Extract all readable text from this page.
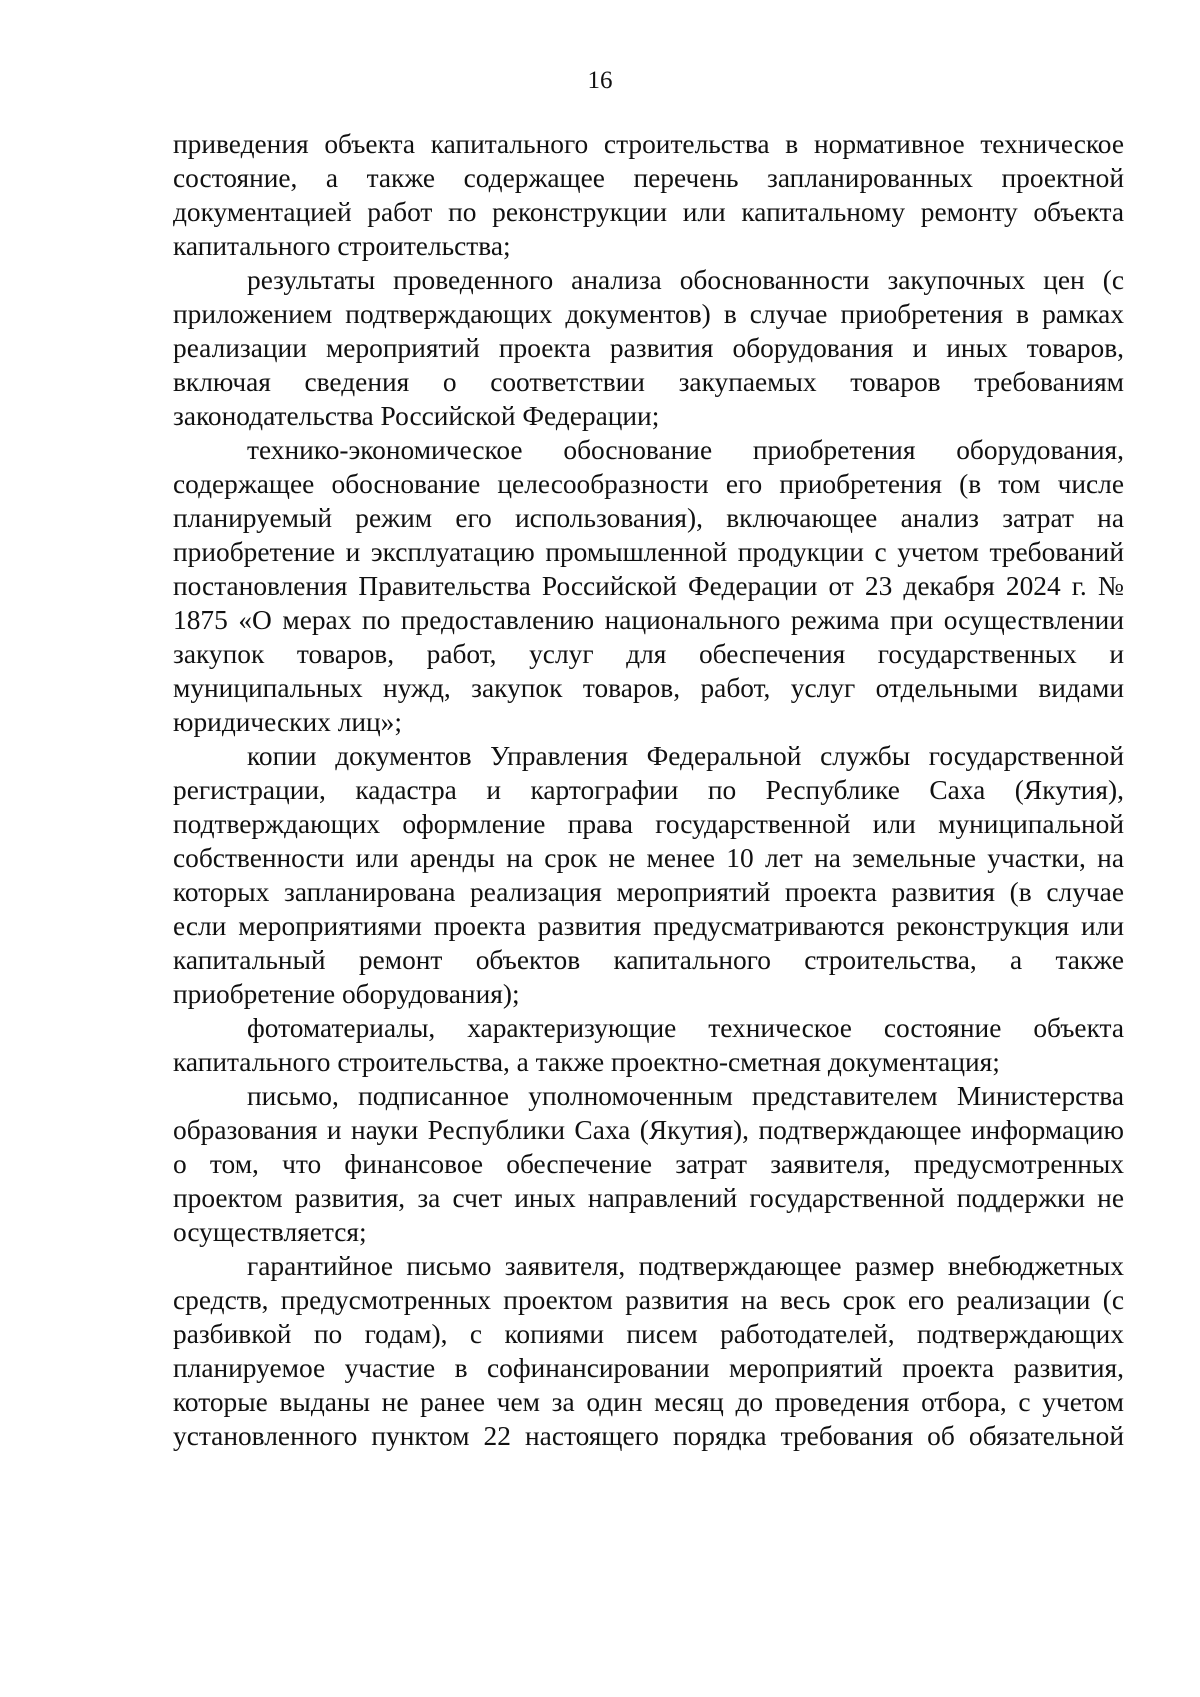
16

приведения объекта капитального строительства в нормативное техническое состояние, а также содержащее перечень запланированных проектной документацией работ по реконструкции или капитальному ремонту объекта капитального строительства;

результаты проведенного анализа обоснованности закупочных цен (с приложением подтверждающих документов) в случае приобретения в рамках реализации мероприятий проекта развития оборудования и иных товаров, включая сведения о соответствии закупаемых товаров требованиям законодательства Российской Федерации;

технико-экономическое обоснование приобретения оборудования, содержащее обоснование целесообразности его приобретения (в том числе планируемый режим его использования), включающее анализ затрат на приобретение и эксплуатацию промышленной продукции с учетом требований постановления Правительства Российской Федерации от 23 декабря 2024 г. № 1875 «О мерах по предоставлению национального режима при осуществлении закупок товаров, работ, услуг для обеспечения государственных и муниципальных нужд, закупок товаров, работ, услуг отдельными видами юридических лиц»;

копии документов Управления Федеральной службы государственной регистрации, кадастра и картографии по Республике Саха (Якутия), подтверждающих оформление права государственной или муниципальной собственности или аренды на срок не менее 10 лет на земельные участки, на которых запланирована реализация мероприятий проекта развития (в случае если мероприятиями проекта развития предусматриваются реконструкция или капитальный ремонт объектов капитального строительства, а также приобретение оборудования);

фотоматериалы, характеризующие техническое состояние объекта капитального строительства, а также проектно-сметная документация;

письмо, подписанное уполномоченным представителем Министерства образования и науки Республики Саха (Якутия), подтверждающее информацию о том, что финансовое обеспечение затрат заявителя, предусмотренных проектом развития, за счет иных направлений государственной поддержки не осуществляется;

гарантийное письмо заявителя, подтверждающее размер внебюджетных средств, предусмотренных проектом развития на весь срок его реализации (с разбивкой по годам), с копиями писем работодателей, подтверждающих планируемое участие в софинансировании мероприятий проекта развития, которые выданы не ранее чем за один месяц до проведения отбора, с учетом установленного пунктом 22 настоящего порядка требования об обязательной
